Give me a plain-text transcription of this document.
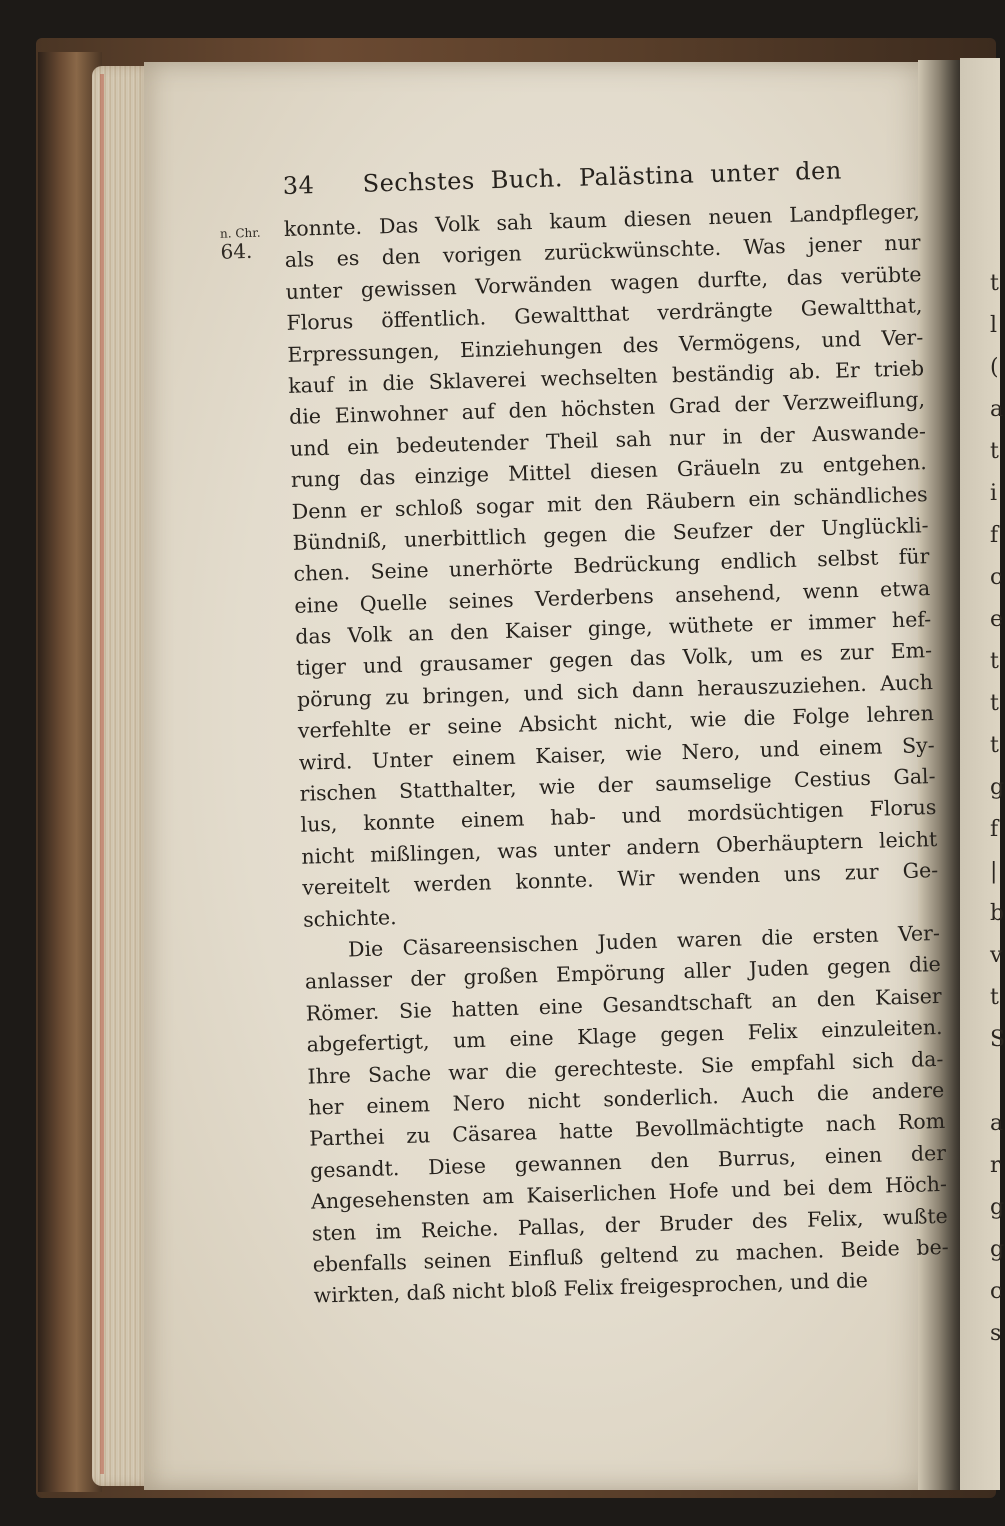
t
l
(
a
t
i
f
c
e
t
t
t
g
f
|
b
v
t
S
a
r
g
g
c
s
34 Sechstes Buch. Palästina unter den
n. Chr.
64.
konnte. Das Volk sah kaum diesen neuen Landpfleger,
als es den vorigen zurückwünschte. Was jener nur
unter gewissen Vorwänden wagen durfte, das verübte
Florus öffentlich. Gewaltthat verdrängte Gewaltthat,
Erpressungen, Einziehungen des Vermögens, und Ver-
kauf in die Sklaverei wechselten beständig ab. Er trieb
die Einwohner auf den höchsten Grad der Verzweiflung,
und ein bedeutender Theil sah nur in der Auswande-
rung das einzige Mittel diesen Gräueln zu entgehen.
Denn er schloß sogar mit den Räubern ein schändliches
Bündniß, unerbittlich gegen die Seufzer der Unglückli-
chen. Seine unerhörte Bedrückung endlich selbst für
eine Quelle seines Verderbens ansehend, wenn etwa
das Volk an den Kaiser ginge, wüthete er immer hef-
tiger und grausamer gegen das Volk, um es zur Em-
pörung zu bringen, und sich dann herauszuziehen. Auch
verfehlte er seine Absicht nicht, wie die Folge lehren
wird. Unter einem Kaiser, wie Nero, und einem Sy-
rischen Statthalter, wie der saumselige Cestius Gal-
lus, konnte einem hab- und mordsüchtigen Florus
nicht mißlingen, was unter andern Oberhäuptern leicht
vereitelt werden konnte. Wir wenden uns zur Ge-
schichte.
Die Cäsareensischen Juden waren die ersten Ver-
anlasser der großen Empörung aller Juden gegen die
Römer. Sie hatten eine Gesandtschaft an den Kaiser
abgefertigt, um eine Klage gegen Felix einzuleiten.
Ihre Sache war die gerechteste. Sie empfahl sich da-
her einem Nero nicht sonderlich. Auch die andere
Parthei zu Cäsarea hatte Bevollmächtigte nach Rom
gesandt. Diese gewannen den Burrus, einen der
Angesehensten am Kaiserlichen Hofe und bei dem Höch-
sten im Reiche. Pallas, der Bruder des Felix, wußte
ebenfalls seinen Einfluß geltend zu machen. Beide be-
wirkten, daß nicht bloß Felix freigesprochen, und die
